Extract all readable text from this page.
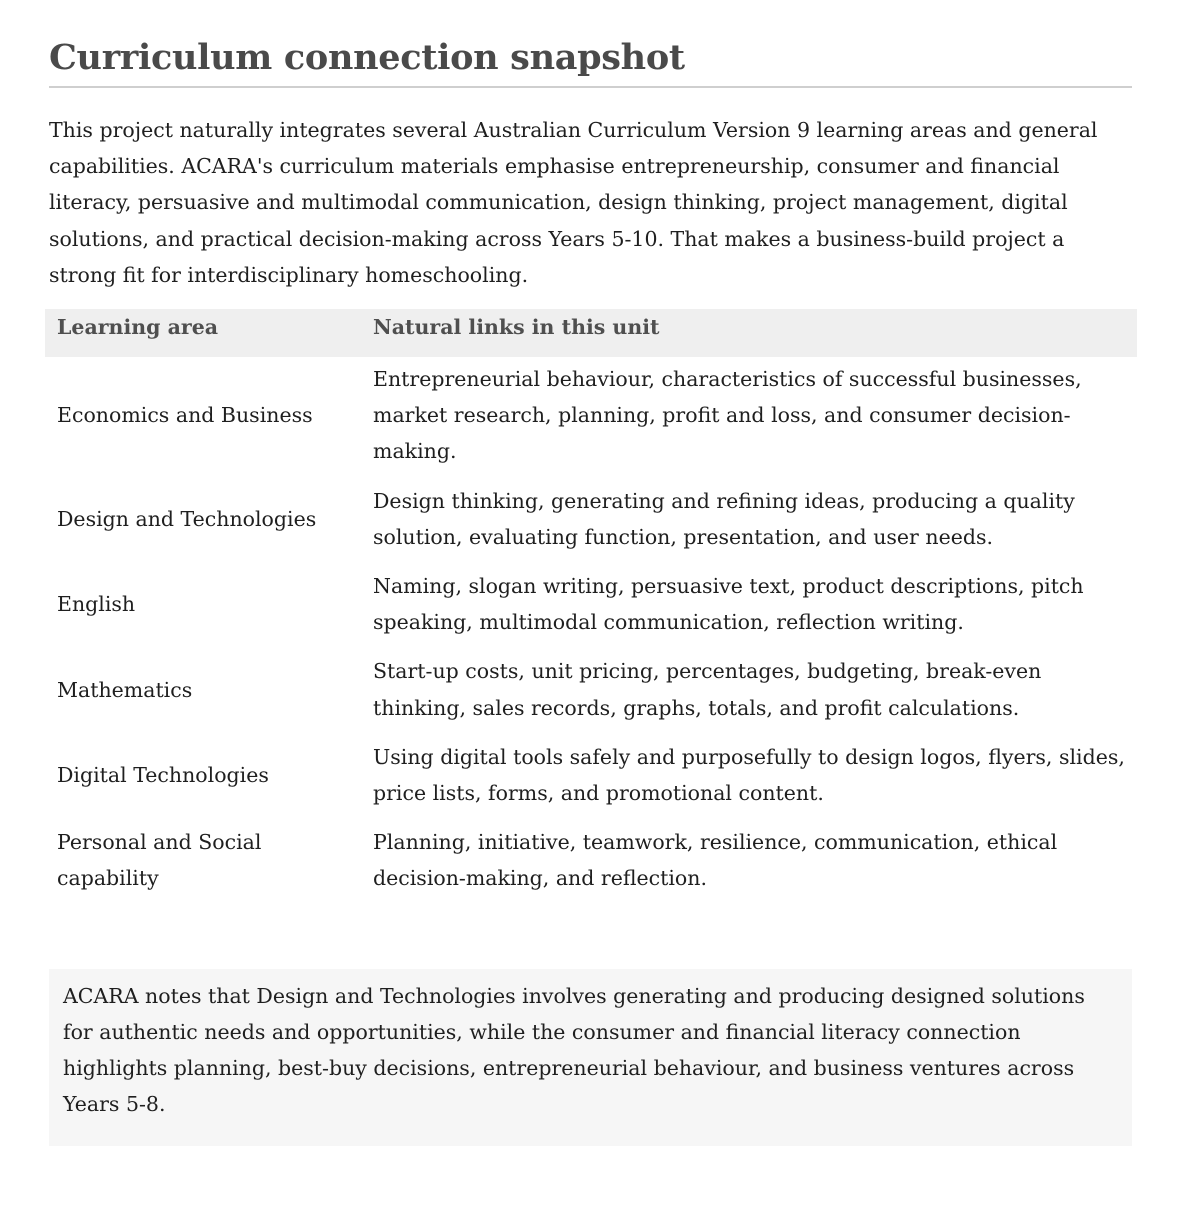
Curriculum connection snapshot

This project naturally integrates several Australian Curriculum Version 9 learning areas and general capabilities. ACARA's curriculum materials emphasise entrepreneurship, consumer and financial literacy, persuasive and multimodal communication, design thinking, project management, digital solutions, and practical decision-making across Years 5-10. That makes a business-build project a strong fit for interdisciplinary homeschooling.

Learning area	Natural links in this unit
Economics and Business	Entrepreneurial behaviour, characteristics of successful businesses, market research, planning, profit and loss, and consumer decision-making.
Design and Technologies	Design thinking, generating and refining ideas, producing a quality solution, evaluating function, presentation, and user needs.
English	Naming, slogan writing, persuasive text, product descriptions, pitch speaking, multimodal communication, reflection writing.
Mathematics	Start-up costs, unit pricing, percentages, budgeting, break-even thinking, sales records, graphs, totals, and profit calculations.
Digital Technologies	Using digital tools safely and purposefully to design logos, flyers, slides, price lists, forms, and promotional content.
Personal and Social capability	Planning, initiative, teamwork, resilience, communication, ethical decision-making, and reflection.
ACARA notes that Design and Technologies involves generating and producing designed solutions for authentic needs and opportunities, while the consumer and financial literacy connection highlights planning, best-buy decisions, entrepreneurial behaviour, and business ventures across Years 5-8.
